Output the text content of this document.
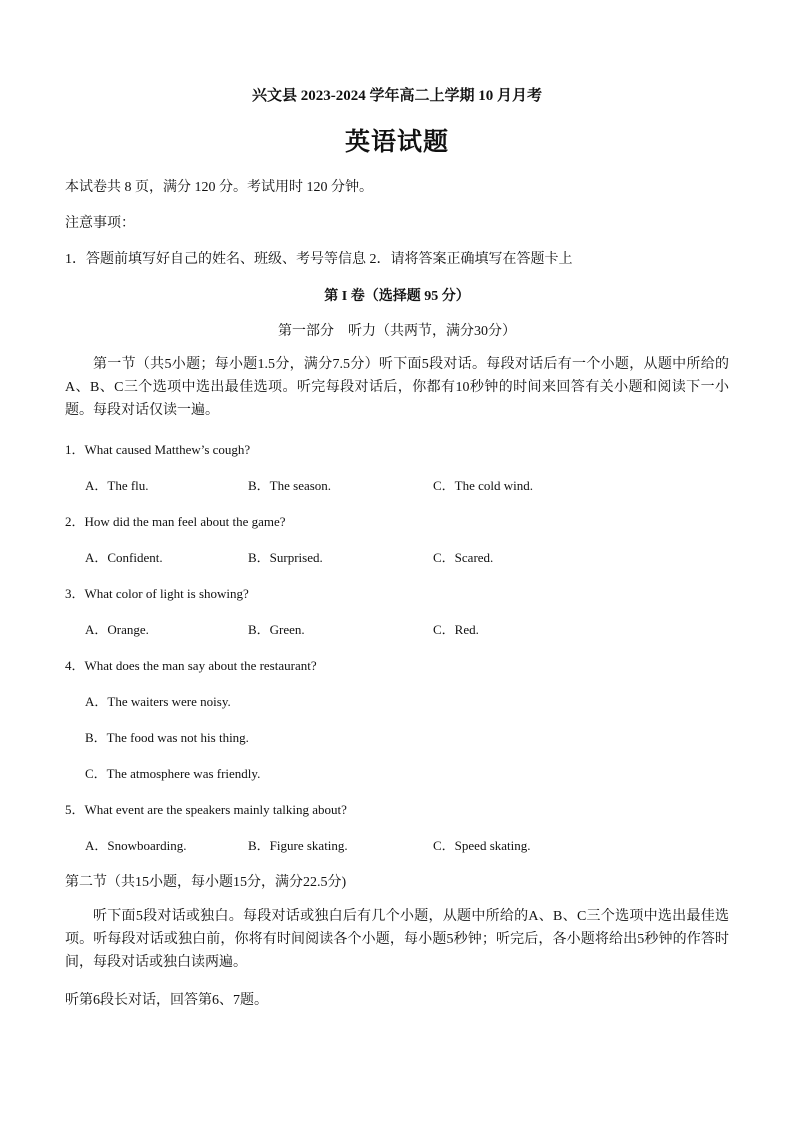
兴文县 2023-2024 学年高二上学期 10 月月考
英语试题
本试卷共 8 页，满分 120 分。考试用时 120 分钟。
注意事项：
1．答题前填写好自己的姓名、班级、考号等信息 2．请将答案正确填写在答题卡上
第 I 卷（选择题 95 分）
第一部分　听力（共两节，满分30分）
第一节（共5小题；每小题1.5分，满分7.5分）听下面5段对话。每段对话后有一个小题，从题中所给的A、B、C三个选项中选出最佳选项。听完每段对话后，你都有10秒钟的时间来回答有关小题和阅读下一小题。每段对话仅读一遍。
1．What caused Matthew’s cough?
A．The flu.	B．The season.	C．The cold wind.
2．How did the man feel about the game?
A．Confident.	B．Surprised.	C．Scared.
3．What color of light is showing?
A．Orange.	B．Green.	C．Red.
4．What does the man say about the restaurant?
A．The waiters were noisy.
B．The food was not his thing.
C．The atmosphere was friendly.
5．What event are the speakers mainly talking about?
A．Snowboarding.	B．Figure skating.	C．Speed skating.
第二节（共15小题，每小题15分，满分22.5分)
听下面5段对话或独白。每段对话或独白后有几个小题，从题中所给的A、B、C三个选项中选出最佳选项。听每段对话或独白前，你将有时间阅读各个小题，每小题5秒钟；听完后，各小题将给出5秒钟的作答时间，每段对话或独白读两遍。
听第6段长对话，回答第6、7题。
